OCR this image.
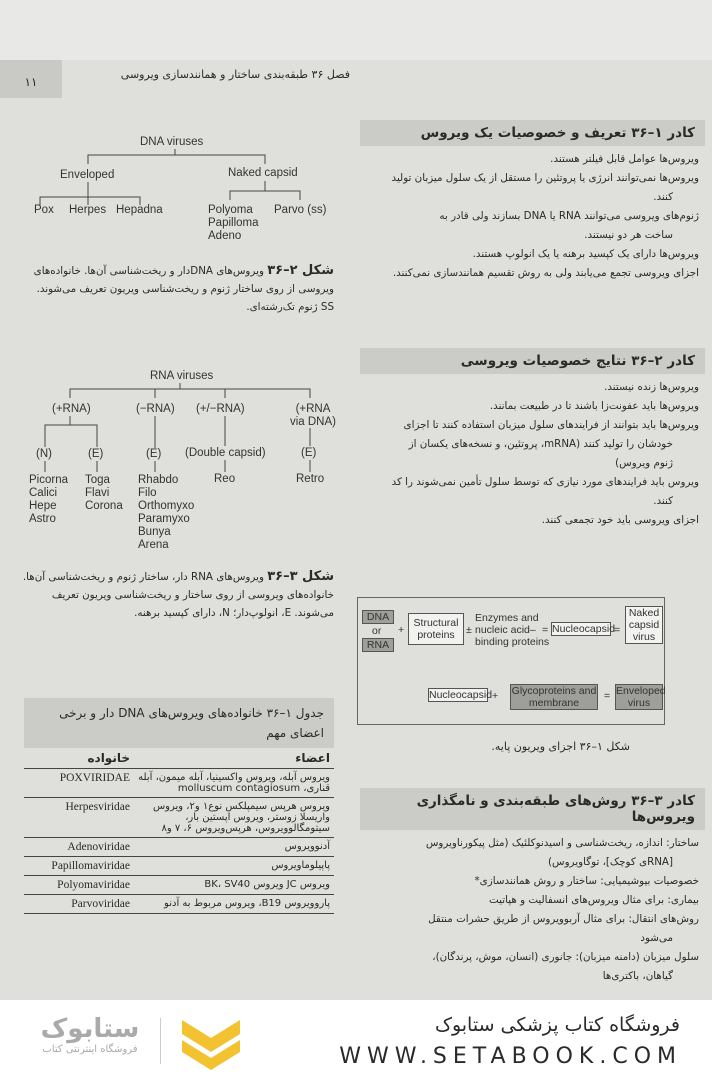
۱۱
فصل ۳۶ طبقه‌بندی ساختار و همانندسازی ویروسی
کادر ۱–۳۶ تعریف و خصوصیات یک ویروس
ویروس‌ها عوامل قابل فیلتر هستند.
ویروس‌ها نمی‌توانند انرژی یا پروتئین را مستقل از یک سلول میزبان تولید
کنند.
ژنوم‌های ویروسی می‌توانند RNA یا DNA بسازند ولی قادر به
ساخت هر دو نیستند.
ویروس‌ها دارای یک کپسید برهنه یا یک انولوپ هستند.
اجزای ویروسی تجمع می‌یابند ولی به روش تقسیم همانندسازی نمی‌کنند.
کادر ۲–۳۶ نتایج خصوصیات ویروسی
ویروس‌ها زنده نیستند.
ویروس‌ها باید عفونت‌زا باشند تا در طبیعت بمانند.
ویروس‌ها باید بتوانند از فرایندهای سلول میزبان استفاده کنند تا اجزای
خودشان را تولید کنند (mRNA، پروتئین، و نسخه‌های یکسان از
ژنوم ویروس)
ویروس باید فرایندهای مورد نیازی که توسط سلول تأمین نمی‌شوند را کد
کنند.
اجزای ویروسی باید خود تجمعی کنند.
DNA
or
RNA
+
Structural proteins	±
Enzymes and nucleic acid– binding proteins
= Nucleocapsid
=
Naked capsid virus
Nucleocapsid + Glycoproteins and membrane
= Enveloped virus
شکل ۱–۳۶ اجزای ویریون پایه.
کادر ۳–۳۶ روش‌های طبقه‌بندی و نامگذاری ویروس‌ها
ساختار: اندازه، ریخت‌شناسی و اسیدنوکلئیک (مثل پیکورناویروس
[RNAی کوچک]، توگاویروس)
خصوصیات بیوشیمیایی: ساختار و روش همانندسازی*
بیماری: برای مثال ویروس‌های انسفالیت و هپاتیت
روش‌های انتقال: برای مثال آربوویروس از طریق حشرات منتقل
می‌شود
سلول میزبان (دامنه میزبان): جانوری (انسان، موش، پرندگان)،
گیاهان، باکتری‌ها
DNA viruses
Enveloped	Naked capsid
Pox Herpes Hepadna	Polyoma
Papilloma
Adeno
Parvo (ss)
شکل ۲–۳۶ ویروس‌های DNAدار و ریخت‌شناسی آن‌ها. خانواده‌های ویروسی از روی ساختار ژنوم و ریخت‌شناسی ویریون تعریف می‌شوند. SS ژنوم تک‌رشته‌ای.
RNA viruses
(+RNA)	(−RNA) (+/−RNA)	(+RNA via DNA)
(N)	(E)	(E) (Double capsid)	(E)
Picorna
Calici
Hepe
Astro
Toga
Flavi
Corona
Rhabdo
Filo
Orthomyxo
Paramyxo
Bunya
Arena
Reo	Retro
شکل ۳–۳۶ ویروس‌های RNA دار، ساختار ژنوم و ریخت‌شناسی آن‌ها. خانواده‌های ویروسی از روی ساختار و ریخت‌شناسی ویریون تعریف می‌شوند. E، انولوپ‌دار؛ N، دارای کپسید برهنه.
جدول ۱–۳۶ خانواده‌های ویروس‌های DNA دار و برخی اعضای مهم
خانواده	اعضاء
POXVIRIDAE	ویروس آبله، ویروس واکسینیا، آبله میمون، آبله قناری، molluscum contagiosum
Herpesviridae	ویروس هرپس سیمپلکس نوع۱ و۲، ویروس واریسلا زوستر، ویروس اپستین بار، سیتومگالوویروس، هرپس‌ویروس ۶، ۷ و۸
Adenoviridae	آدنوویروس
Papillomaviridae	پاپیلوماویروس
Polyomaviridae	ویروس JC ویروس BK، SV40
Parvoviridae	پاروویروس B19، ویروس مربوط به آدنو
ستابوک
فروشگاه اینترنتی کتاب
فروشگاه کتاب پزشکی ستابوک
WWW.SETABOOK.COM
